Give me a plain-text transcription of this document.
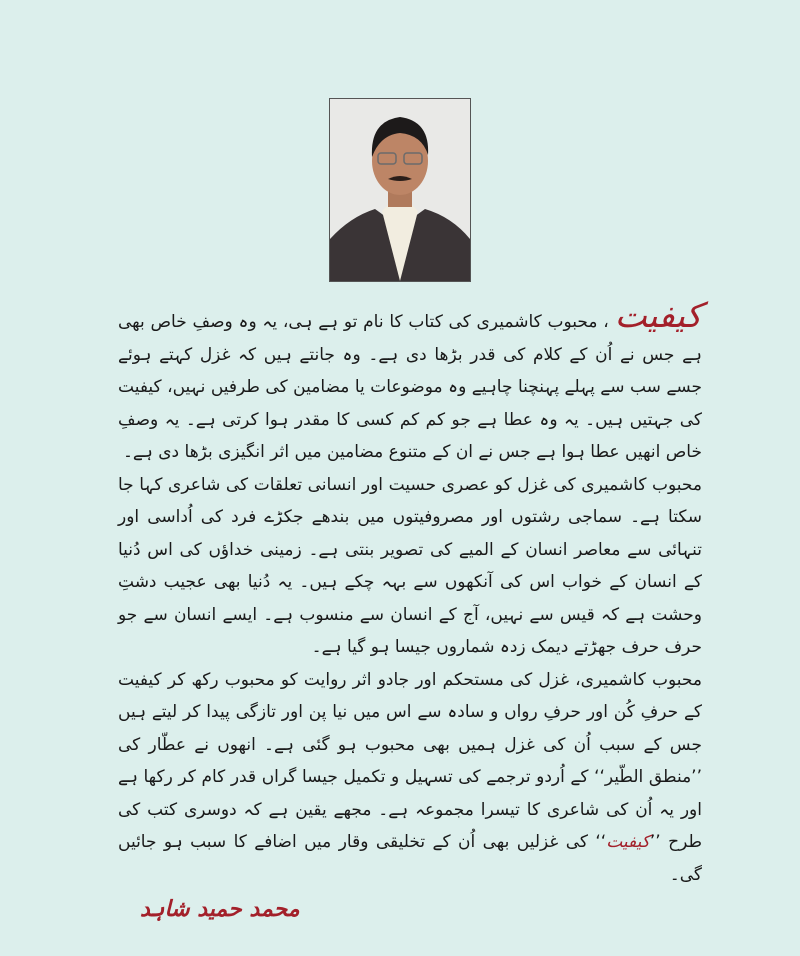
کیفیت، محبوب کاشمیری کی کتاب کا نام تو ہے ہی، یہ وہ وصفِ خاص بھی ہے جس نے اُن کے کلام کی قدر بڑھا دی ہے۔ وہ جانتے ہیں کہ غزل کہتے ہوئے جسے سب سے پہلے پہنچنا چاہیے وہ موضوعات یا مضامین کی طرفیں نہیں، کیفیت کی جہتیں ہیں۔ یہ وہ عطا ہے جو کم کم کسی کا مقدر ہوا کرتی ہے۔ یہ وصفِ خاص انھیں عطا ہوا ہے جس نے ان کے متنوع مضامین میں اثر انگیزی بڑھا دی ہے۔

محبوب کاشمیری کی غزل کو عصری حسیت اور انسانی تعلقات کی شاعری کہا جا سکتا ہے۔ سماجی رشتوں اور مصروفیتوں میں بندھے جکڑے فرد کی اُداسی اور تنہائی سے معاصر انسان کے المیے کی تصویر بنتی ہے۔ زمینی خداؤں کی اس دُنیا کے انسان کے خواب اس کی آنکھوں سے بہہ چکے ہیں۔ یہ دُنیا بھی عجیب دشتِ وحشت ہے کہ قیس سے نہیں، آج کے انسان سے منسوب ہے۔ ایسے انسان سے جو حرف حرف جھڑتے دیمک زدہ شماروں جیسا ہو گیا ہے۔

محبوب کاشمیری، غزل کی مستحکم اور جادو اثر روایت کو محبوب رکھ کر کیفیت کے حرفِ کُن اور حرفِ رواں و سادہ سے اس میں نیا پن اور تازگی پیدا کر لیتے ہیں جس کے سبب اُن کی غزل ہمیں بھی محبوب ہو گئی ہے۔ انھوں نے عطّار کی ’’منطق الطّیر‘‘ کے اُردو ترجمے کی تسہیل و تکمیل جیسا گراں قدر کام کر رکھا ہے اور یہ اُن کی شاعری کا تیسرا مجموعہ ہے۔ مجھے یقین ہے کہ دوسری کتب کی طرح ’’کیفیت‘‘ کی غزلیں بھی اُن کے تخلیقی وقار میں اضافے کا سبب ہو جائیں گی۔

محمد حمید شاہد
